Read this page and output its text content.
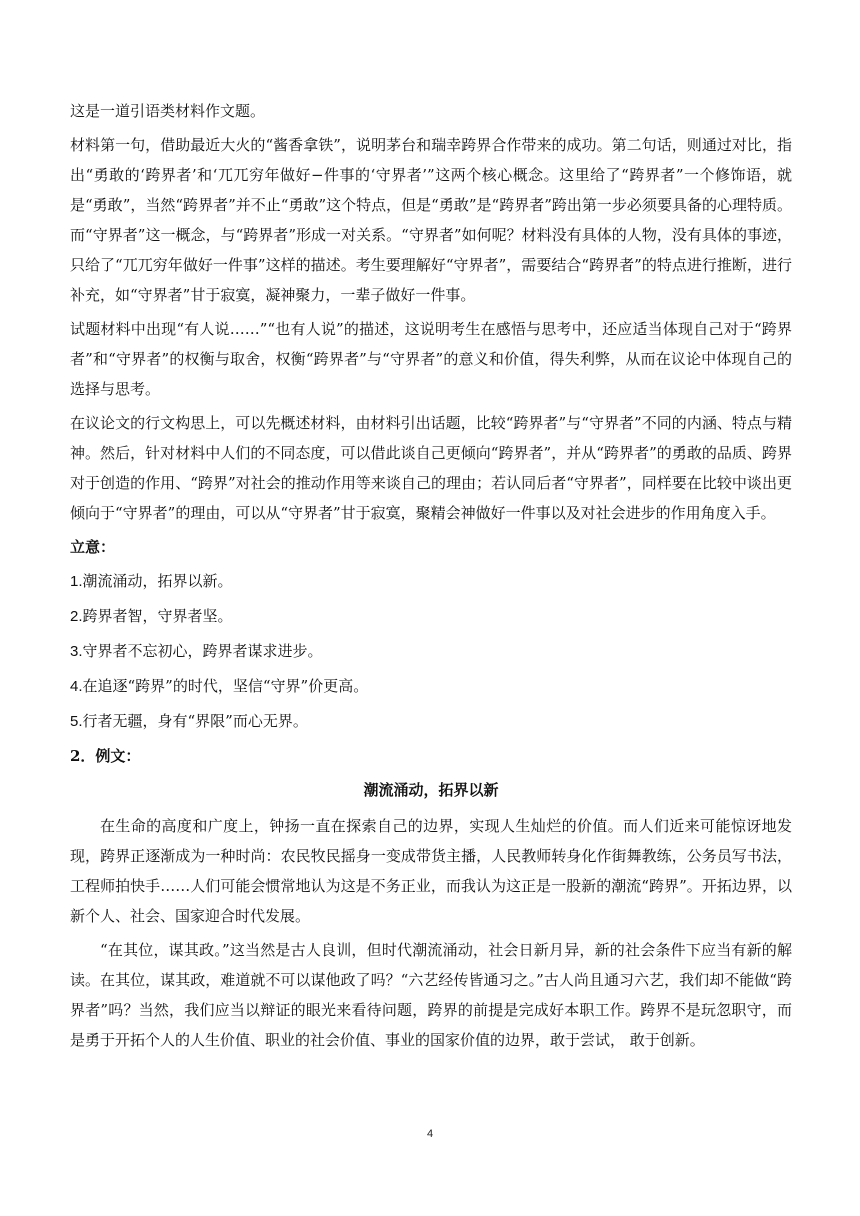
这是一道引语类材料作文题。

材料第一句，借助最近大火的“酱香拿铁”，说明茅台和瑞幸跨界合作带来的成功。第二句话，则通过对比，指出“勇敢的‘跨界者’和‘兀兀穷年做好−件事的‘守界者’”这两个核心概念。这里给了“跨界者”一个修饰语，就是“勇敢”，当然“跨界者”并不止“勇敢”这个特点，但是“勇敢”是“跨界者”跨出第一步必须要具备的心理特质。而“守界者”这一概念，与“跨界者”形成一对关系。“守界者”如何呢？材料没有具体的人物，没有具体的事迹，只给了“兀兀穷年做好一件事”这样的描述。考生要理解好“守界者”，需要结合“跨界者”的特点进行推断，进行补充，如“守界者”甘于寂寞，凝神聚力，一辈子做好一件事。

试题材料中出现“有人说……”“也有人说”的描述，这说明考生在感悟与思考中，还应适当体现自己对于“跨界者”和“守界者”的权衡与取舍，权衡“跨界者”与“守界者”的意义和价值，得失利弊，从而在议论中体现自己的选择与思考。

在议论文的行文构思上，可以先概述材料，由材料引出话题，比较“跨界者”与“守界者”不同的内涵、特点与精神。然后，针对材料中人们的不同态度，可以借此谈自己更倾向“跨界者”，并从“跨界者”的勇敢的品质、跨界对于创造的作用、“跨界”对社会的推动作用等来谈自己的理由；若认同后者“守界者”，同样要在比较中谈出更倾向于“守界者”的理由，可以从“守界者”甘于寂寞，聚精会神做好一件事以及对社会进步的作用角度入手。

立意：
1.潮流涌动，拓界以新。
2.跨界者智，守界者坚。
3.守界者不忘初心，跨界者谋求进步。
4.在追逐“跨界”的时代，坚信“守界”价更高。
5.行者无疆，身有“界限”而心无界。
2．例文：
潮流涌动，拓界以新

在生命的高度和广度上，钟扬一直在探索自己的边界，实现人生灿烂的价值。而人们近来可能惊讶地发现，跨界正逐渐成为一种时尚：农民牧民摇身一变成带货主播，人民教师转身化作街舞教练，公务员写书法，工程师拍快手……人们可能会惯常地认为这是不务正业，而我认为这正是一股新的潮流“跨界”。开拓边界，以新个人、社会、国家迎合时代发展。

“在其位，谋其政。”这当然是古人良训，但时代潮流涌动，社会日新月异，新的社会条件下应当有新的解读。在其位，谋其政，难道就不可以谋他政了吗？“六艺经传皆通习之。”古人尚且通习六艺，我们却不能做“跨界者”吗？当然，我们应当以辩证的眼光来看待问题，跨界的前提是完成好本职工作。跨界不是玩忽职守，而是勇于开拓个人的人生价值、职业的社会价值、事业的国家价值的边界，敢于尝试， 敢于创新。

4
